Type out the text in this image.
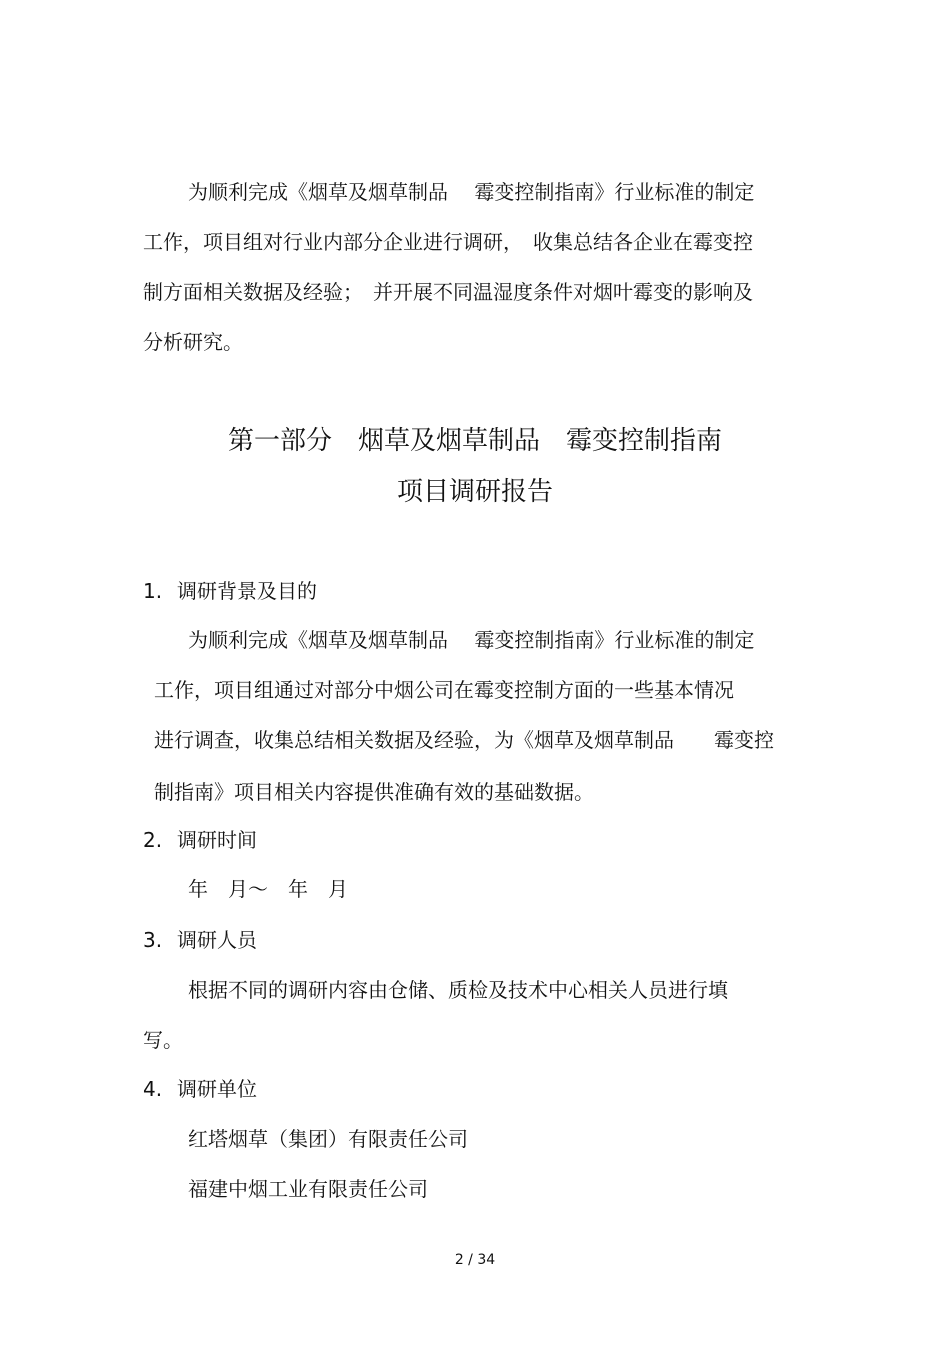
为顺利完成《烟草及烟草制品　 霉变控制指南》行业标准的制定
工作，项目组对行业内部分企业进行调研，　收集总结各企业在霉变控
制方面相关数据及经验；　并开展不同温湿度条件对烟叶霉变的影响及
分析研究。
第一部分　烟草及烟草制品　霉变控制指南
项目调研报告
1. 调研背景及目的
为顺利完成《烟草及烟草制品　 霉变控制指南》行业标准的制定
工作，项目组通过对部分中烟公司在霉变控制方面的一些基本情况
进行调查，收集总结相关数据及经验，为《烟草及烟草制品　　霉变控
制指南》项目相关内容提供准确有效的基础数据。
2. 调研时间
年　月～　年　月
3. 调研人员
根据不同的调研内容由仓储、质检及技术中心相关人员进行填
写。
4. 调研单位
红塔烟草（集团）有限责任公司
福建中烟工业有限责任公司
2 / 34
